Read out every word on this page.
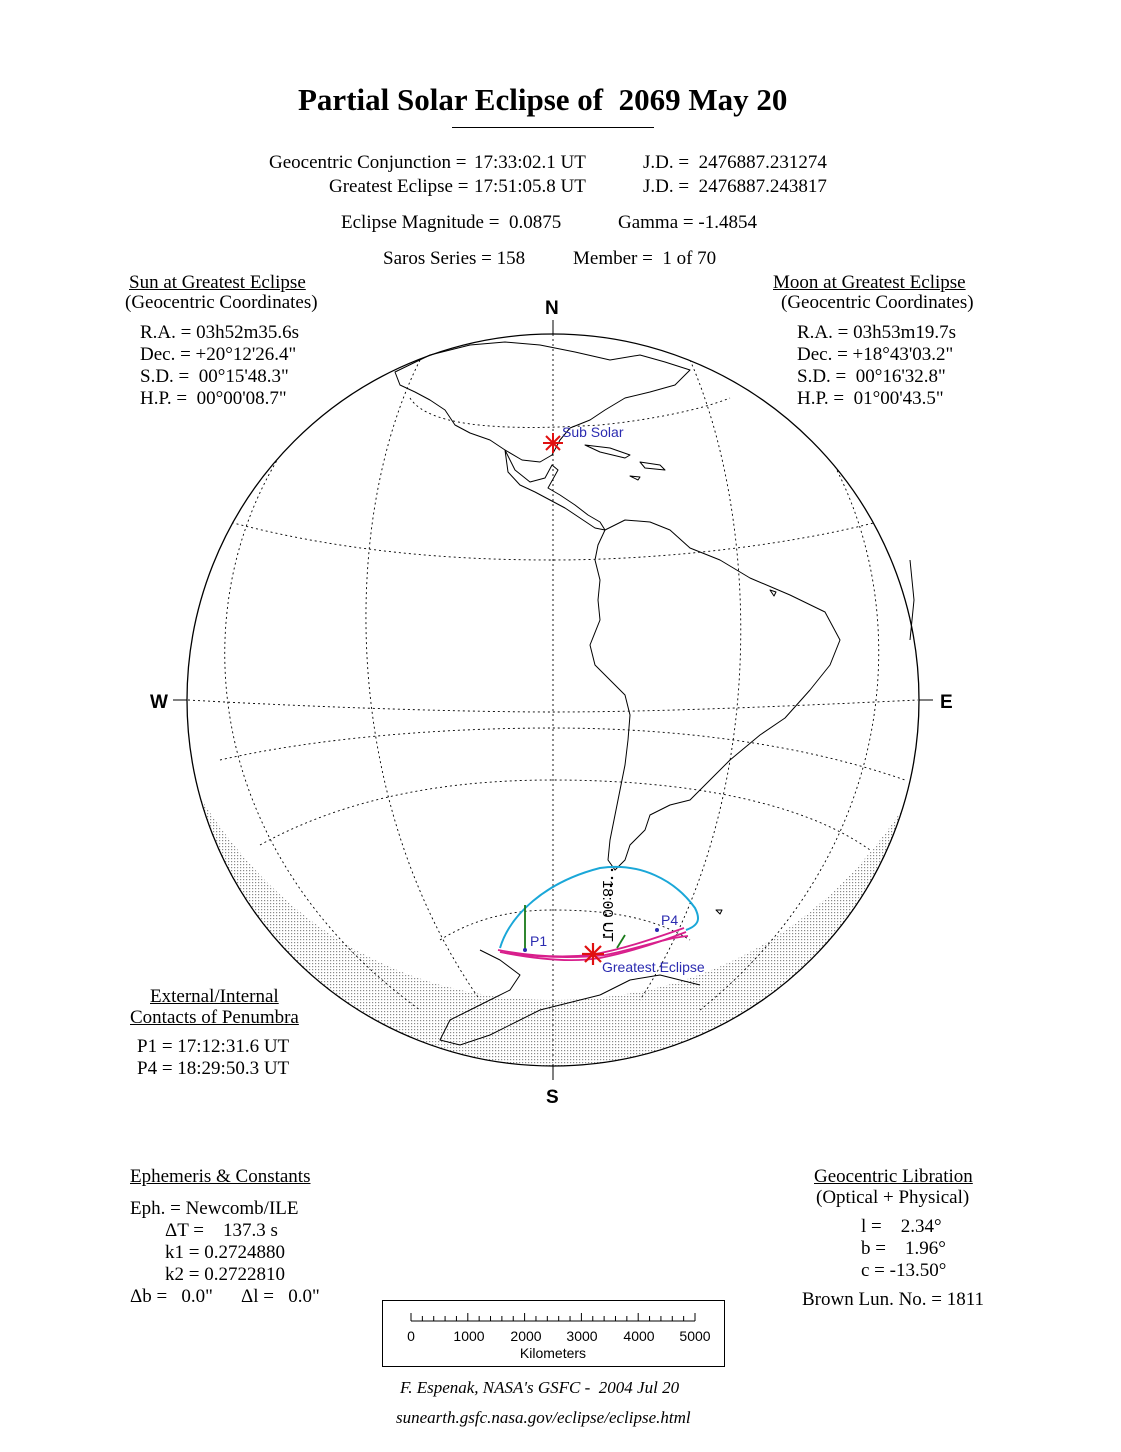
Partial Solar Eclipse of  2069 May 20
Geocentric Conjunction = 17:33:02.1 UT	J.D. =  2476887.231274
Greatest Eclipse = 17:51:05.8 UT	J.D. =  2476887.243817
Eclipse Magnitude =  0.0875	Gamma = -1.4854
Saros Series = 158	Member =  1 of 70
Sun at Greatest Eclipse
(Geocentric Coordinates)
R.A. = 03h52m35.6s
Dec. = +20°12'26.4"
S.D. =  00°15'48.3"
H.P. =  00°00'08.7"
Moon at Greatest Eclipse
(Geocentric Coordinates)
R.A. = 03h53m19.7s
Dec. = +18°43'03.2"
S.D. =  00°16'32.8"
H.P. =  01°00'43.5"
18:00 UT
Sub Solar
Greatest Eclipse
P1
P4
N
S
W	E
External/Internal
Contacts of Penumbra
P1 = 17:12:31.6 UT
P4 = 18:29:50.3 UT
Ephemeris & Constants
Eph. = Newcomb/ILE
ΔT =    137.3 s
k1 = 0.2724880
k2 = 0.2722810
Δb =   0.0" Δl =   0.0"
Geocentric Libration
(Optical + Physical)
l =    2.34°
b =    1.96°
c = -13.50°
Brown Lun. No. = 1811
0	1000 2000 3000 4000 5000
Kilometers
F. Espenak, NASA's GSFC -  2004 Jul 20
sunearth.gsfc.nasa.gov/eclipse/eclipse.html
